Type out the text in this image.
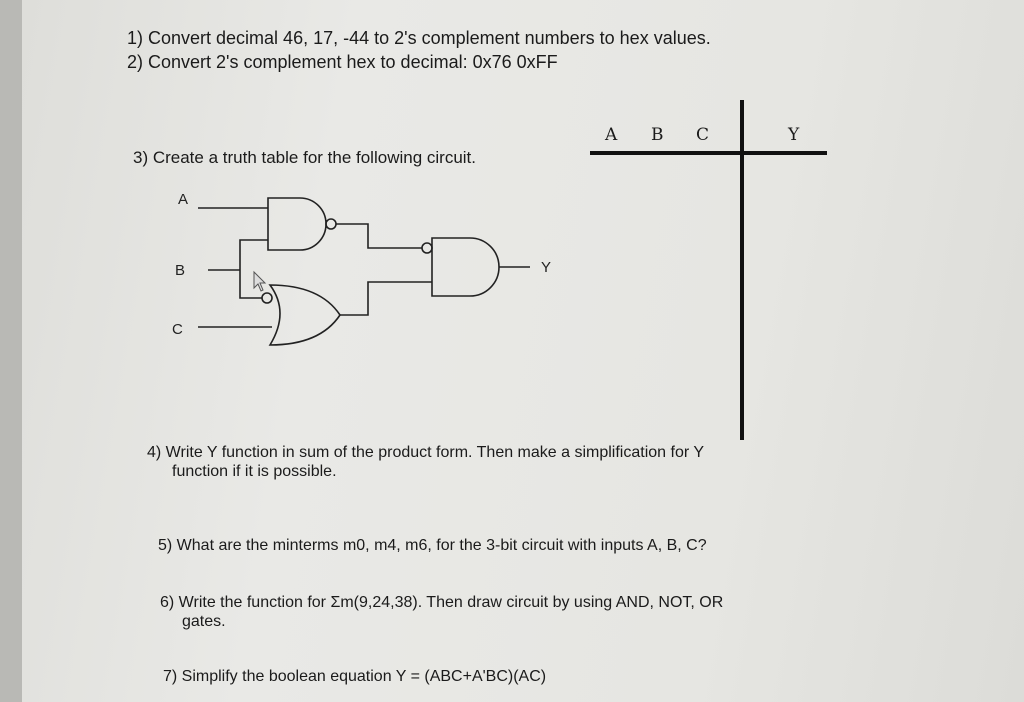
1) Convert decimal 46, 17, -44 to 2's complement numbers to hex values.
2) Convert 2's complement hex to decimal: 0x76 0xFF
3) Create a truth table for the following circuit.
A B C	Y
A
B
C
Y
4) Write Y function in sum of the product form. Then make a simplification for Y
function if it is possible.
5) What are the minterms m0, m4, m6, for the 3-bit circuit with inputs A, B, C?
6) Write the function for Σm(9,24,38). Then draw circuit by using AND, NOT, OR
gates.
7) Simplify the boolean equation Y = (ABC+A'BC)(AC)
